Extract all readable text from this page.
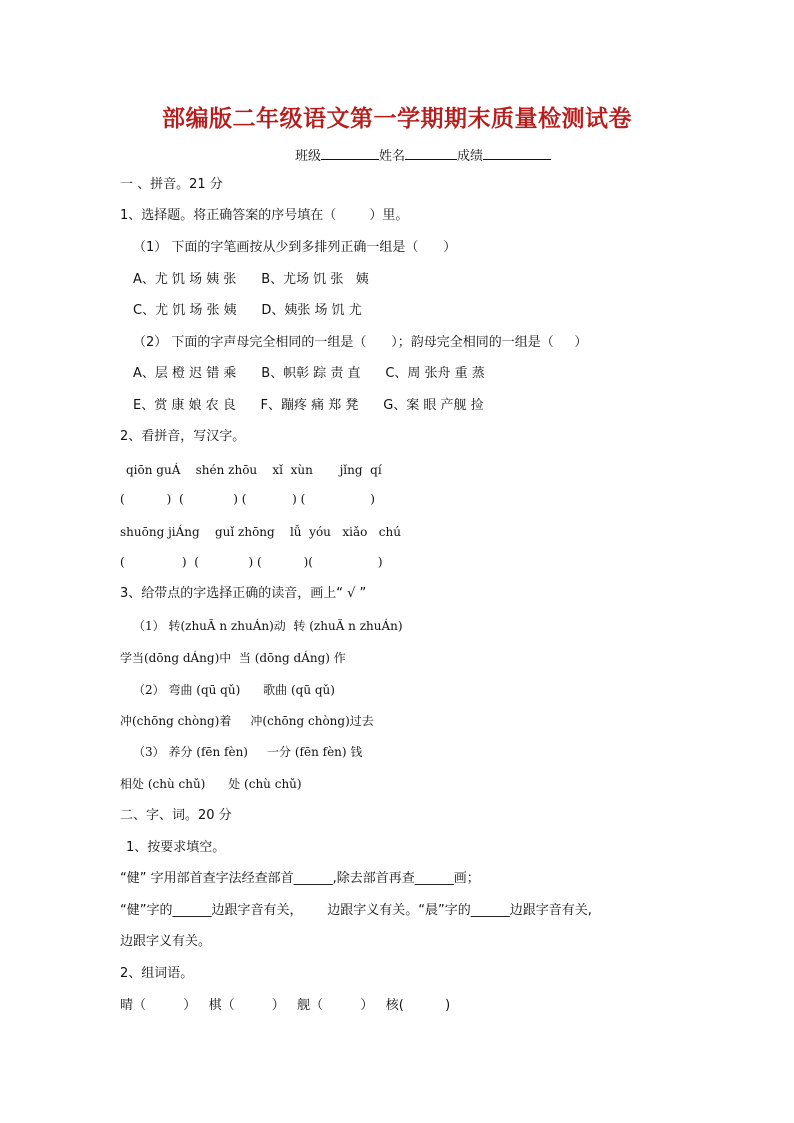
部编版二年级语文第一学期期末质量检测试卷
班级	姓名	成绩
一 、拼音。21 分
1、选择题。将正确答案的序号填在（        ）里。
（1） 下面的字笔画按从少到多排列正确一组是（      ）
A、尤 饥 场 姨 张      B、尤场 饥 张   姨
C、尤 饥 场 张 姨      D、姨张 场 饥 尤
（2） 下面的字声母完全相同的一组是（      ）；韵母完全相同的一组是（     ）
A、层 橙 迟 错 乘      B、帜彰 踪 责 直      C、周 张舟 重 蒸
E、赏 康 娘 农 良      F、蹦疼 痛 郑 凳      G、案 眼 产舰 捡
2、看拼音，写汉字。
qiōn guÁ    shén zhōu    xǐ  xùn       jǐng  qí
(           )  (             ) (            ) (                 )
shuōng jiÁng    guǐ zhōng    lǚ  yóu   xiǎo   chú
(               )  (             ) (           )(                 )
3、给带点的字选择正确的读音，画上“ √ ”
（1） 转(zhuÃ n zhuÁn)动  转 (zhuÃ n zhuÁn)
学当(dōng dÁng)中  当 (dōng dÁng) 作
（2） 弯曲 (qū qǔ)      歌曲 (qū qǔ)
冲(chōng chòng)着     冲(chōng chòng)过去
（3） 养分 (fēn fèn)     一分 (fēn fèn) 钱
相处 (chù chǔ)      处 (chù chǔ)
二、字、词。20 分
1、按要求填空。
“健” 字用部首查字法经查部首______,除去部首再查______画；
“健”字的______边跟字音有关，      边跟字义有关。“晨”字的______边跟字音有关,
边跟字义有关。
2、组词语。
晴（         ）   棋（         ）   舰（         ）   核(          )
